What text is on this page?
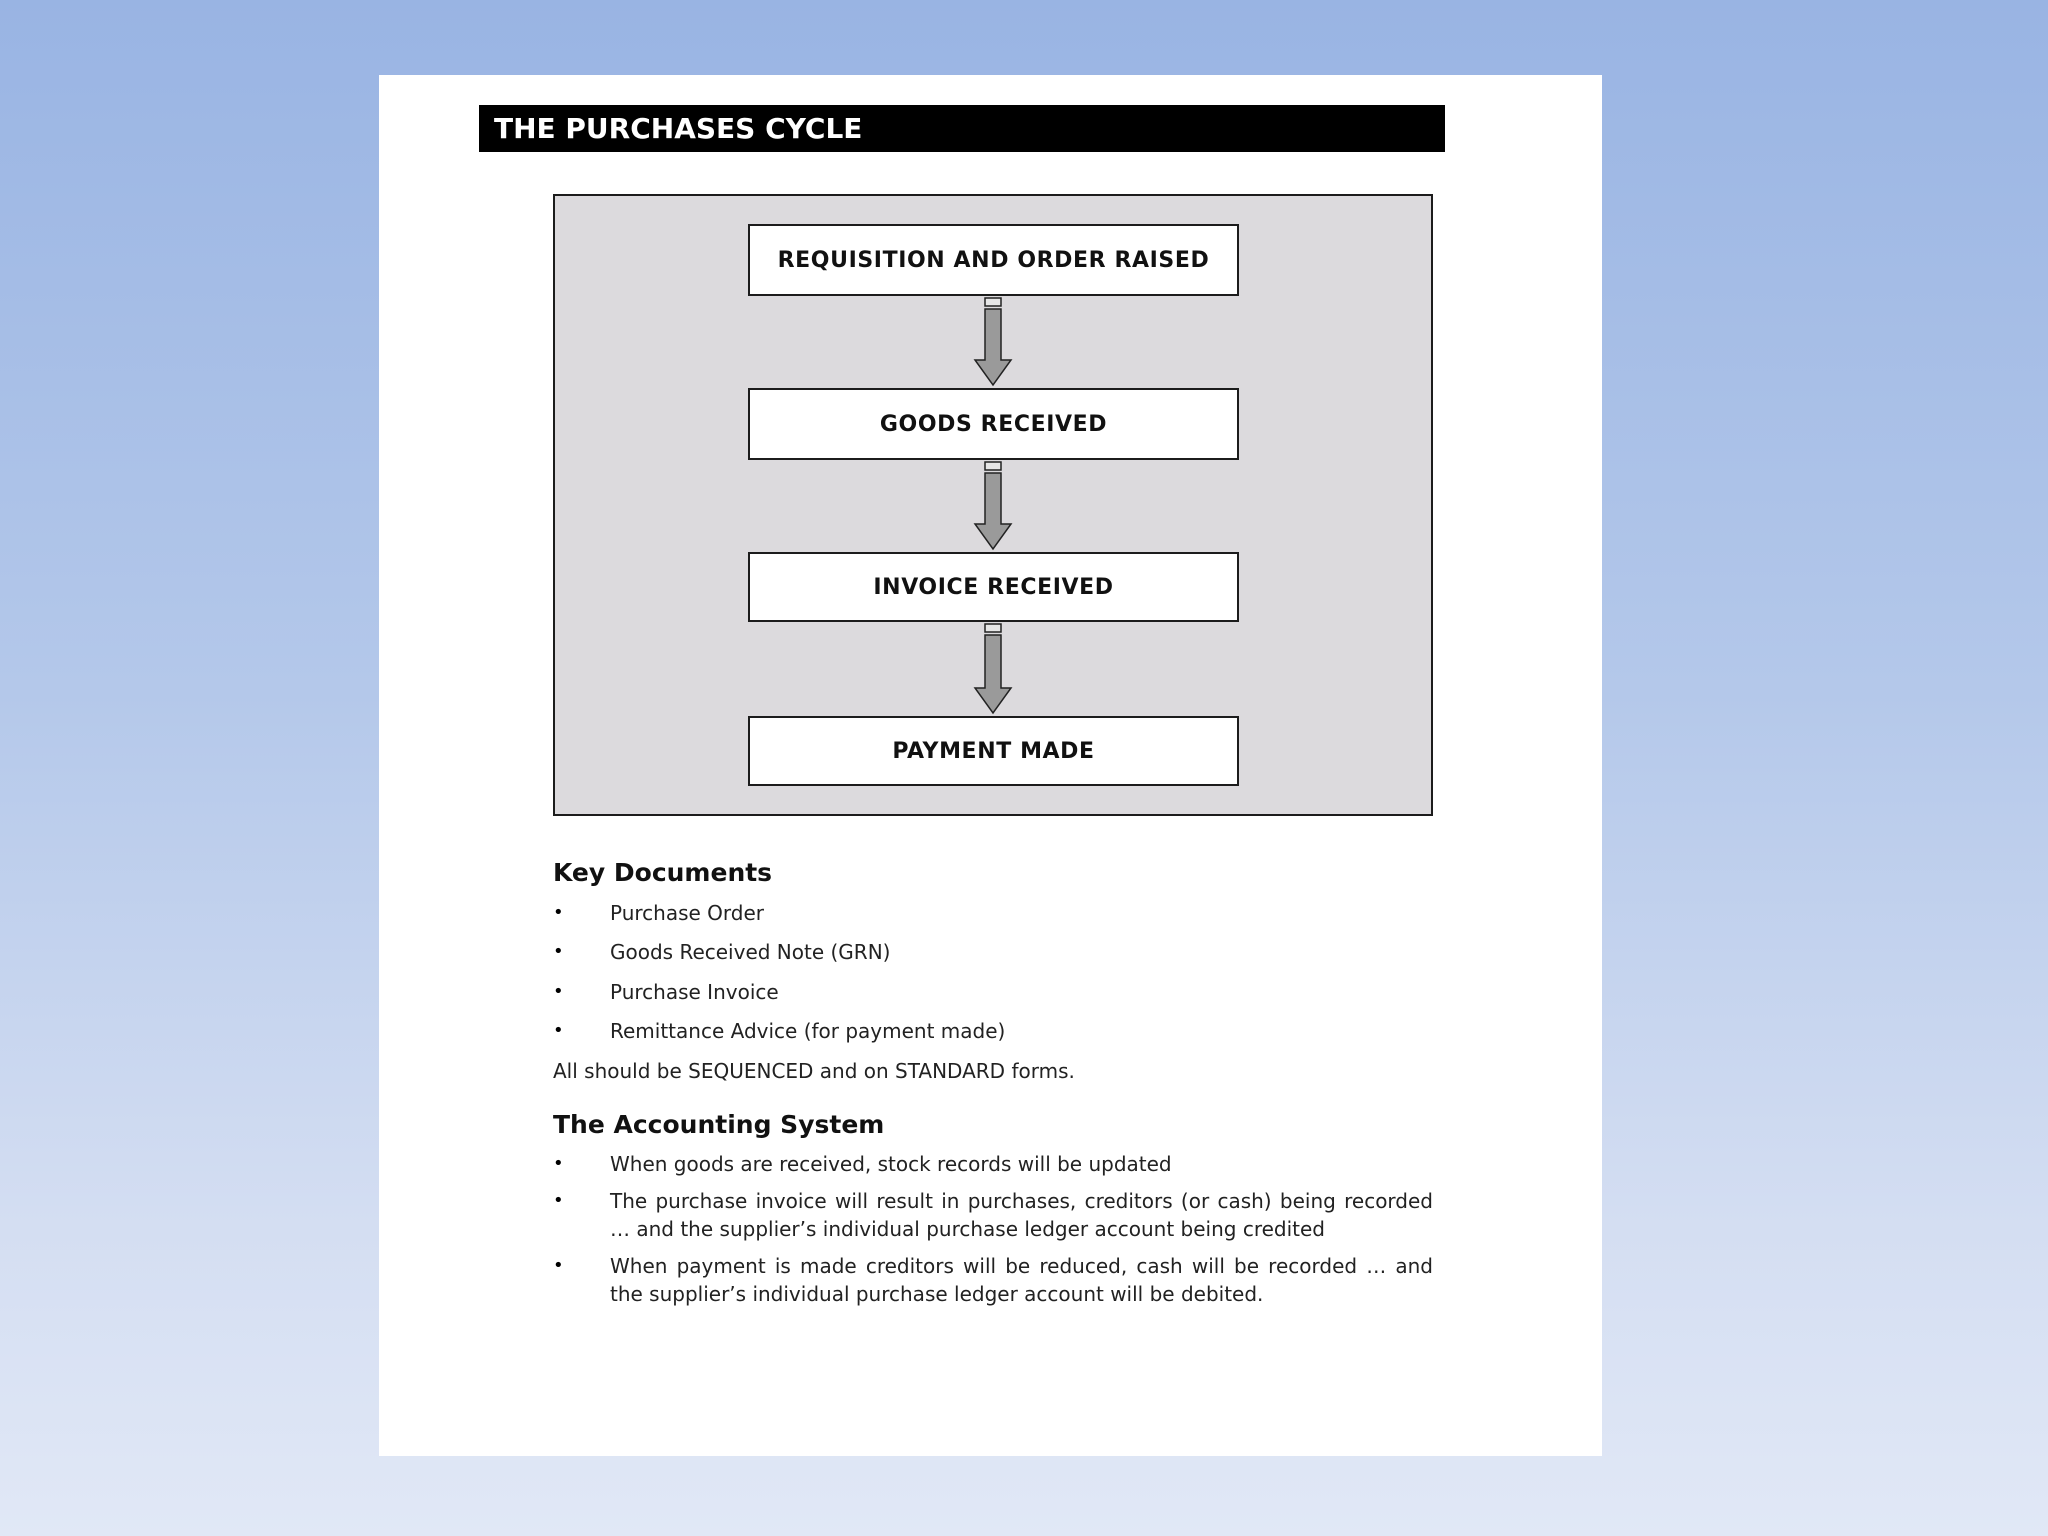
THE PURCHASES CYCLE
REQUISITION AND ORDER RAISED
GOODS RECEIVED
INVOICE RECEIVED
PAYMENT MADE
Key Documents
• Purchase Order
• Goods Received Note (GRN)
• Purchase Invoice
• Remittance Advice (for payment made)

All should be SEQUENCED and on STANDARD forms.

The Accounting System
• When goods are received, stock records will be updated
• The purchase invoice will result in purchases, creditors (or cash) being recorded … and the supplier’s individual purchase ledger account being credited
• When payment is made creditors will be reduced, cash will be recorded … and the supplier’s individual purchase ledger account will be debited.
